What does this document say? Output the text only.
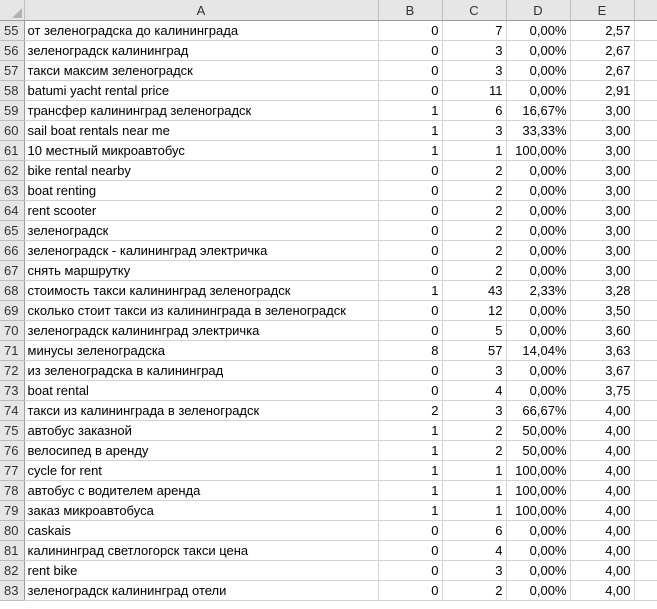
	A	B	C	D	E	
55	от зеленоградска до калининграда	0	7	0,00%	2,57	
56	зеленоградск калининград	0	3	0,00%	2,67	
57	такси максим зеленоградск	0	3	0,00%	2,67	
58	batumi yacht rental price	0	11	0,00%	2,91	
59	трансфер калининград зеленоградск	1	6	16,67%	3,00	
60	sail boat rentals near me	1	3	33,33%	3,00	
61	10 местный микроавтобус	1	1	100,00%	3,00	
62	bike rental nearby	0	2	0,00%	3,00	
63	boat renting	0	2	0,00%	3,00	
64	rent scooter	0	2	0,00%	3,00	
65	зеленоградск	0	2	0,00%	3,00	
66	зеленоградск - калининград электричка	0	2	0,00%	3,00	
67	снять маршрутку	0	2	0,00%	3,00	
68	стоимость такси калининград зеленоградск	1	43	2,33%	3,28	
69	сколько стоит такси из калининграда в зеленоградск	0	12	0,00%	3,50	
70	зеленоградск калининград электричка	0	5	0,00%	3,60	
71	минусы зеленоградска	8	57	14,04%	3,63	
72	из зеленоградска в калининград	0	3	0,00%	3,67	
73	boat rental	0	4	0,00%	3,75	
74	такси из калининграда в зеленоградск	2	3	66,67%	4,00	
75	автобус заказной	1	2	50,00%	4,00	
76	велосипед в аренду	1	2	50,00%	4,00	
77	cycle for rent	1	1	100,00%	4,00	
78	автобус с водителем аренда	1	1	100,00%	4,00	
79	заказ микроавтобуса	1	1	100,00%	4,00	
80	caskais	0	6	0,00%	4,00	
81	калининград светлогорск такси цена	0	4	0,00%	4,00	
82	rent bike	0	3	0,00%	4,00	
83	зеленоградск калининград отели	0	2	0,00%	4,00	
